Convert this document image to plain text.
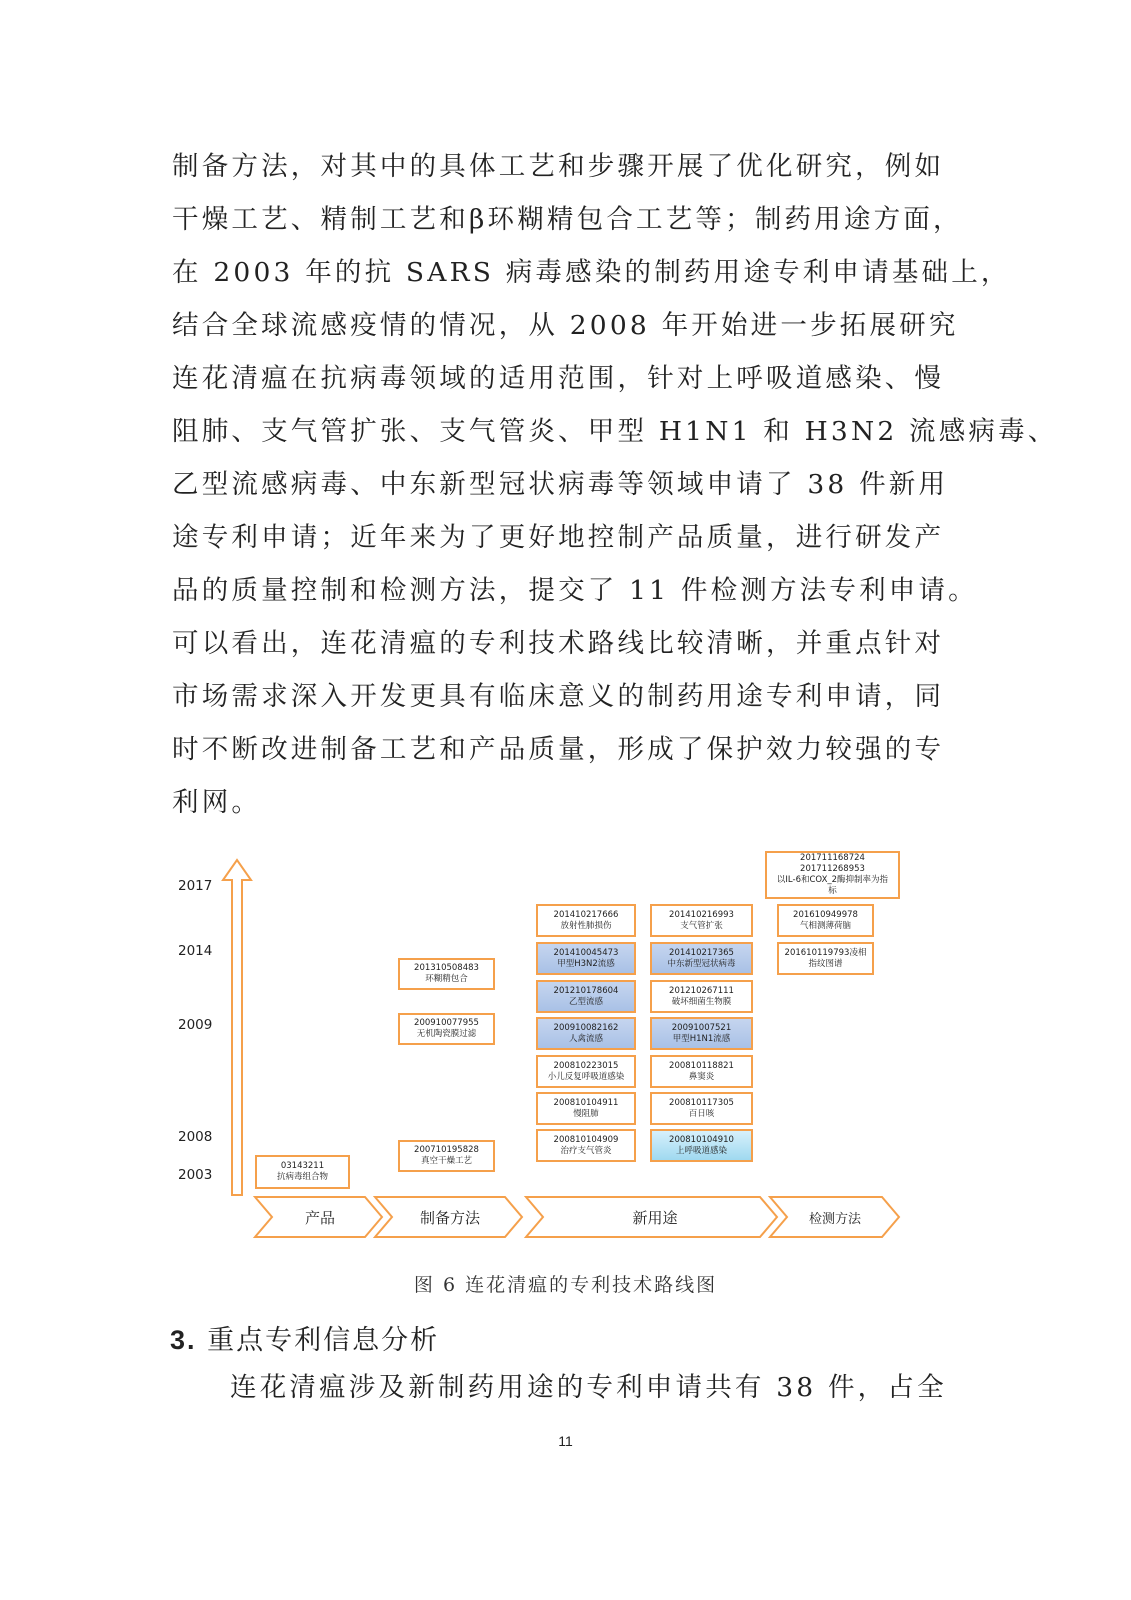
制备方法，对其中的具体工艺和步骤开展了优化研究，例如
干燥工艺、精制工艺和β环糊精包合工艺等；制药用途方面，
在 2003 年的抗 SARS 病毒感染的制药用途专利申请基础上，
结合全球流感疫情的情况，从 2008 年开始进一步拓展研究
连花清瘟在抗病毒领域的适用范围，针对上呼吸道感染、慢
阻肺、支气管扩张、支气管炎、甲型 H1N1 和 H3N2 流感病毒、
乙型流感病毒、中东新型冠状病毒等领域申请了 38 件新用
途专利申请；近年来为了更好地控制产品质量，进行研发产
品的质量控制和检测方法，提交了 11 件检测方法专利申请。
可以看出，连花清瘟的专利技术路线比较清晰，并重点针对
市场需求深入开发更具有临床意义的制药用途专利申请，同
时不断改进制备工艺和产品质量，形成了保护效力较强的专
利网。
2017
2014
2009
2008
2003
产品	制备方法	新用途	检测方法
03143211
抗病毒组合物
201310508483
环糊精包合
200910077955
无机陶瓷膜过滤
200710195828
真空干燥工艺
201410217666
放射性肺损伤
201410045473
甲型H3N2流感
201210178604
乙型流感
200910082162
人禽流感
200810223015
小儿反复呼吸道感染
200810104911
慢阻肺
200810104909
治疗支气管炎
201410216993
支气管扩张
201410217365
中东新型冠状病毒
201210267111
破坏细菌生物膜
20091007521
甲型H1N1流感
200810118821
鼻窦炎
200810117305
百日咳
200810104910
上呼吸道感染
201711168724
201711268953
以IL-6和COX_2酶抑制率为指
标
201610949978
气相测薄荷脑
201610119793凌相
指纹图谱
图 6 连花清瘟的专利技术路线图
3. 重点专利信息分析
连花清瘟涉及新制药用途的专利申请共有 38 件，占全
11
